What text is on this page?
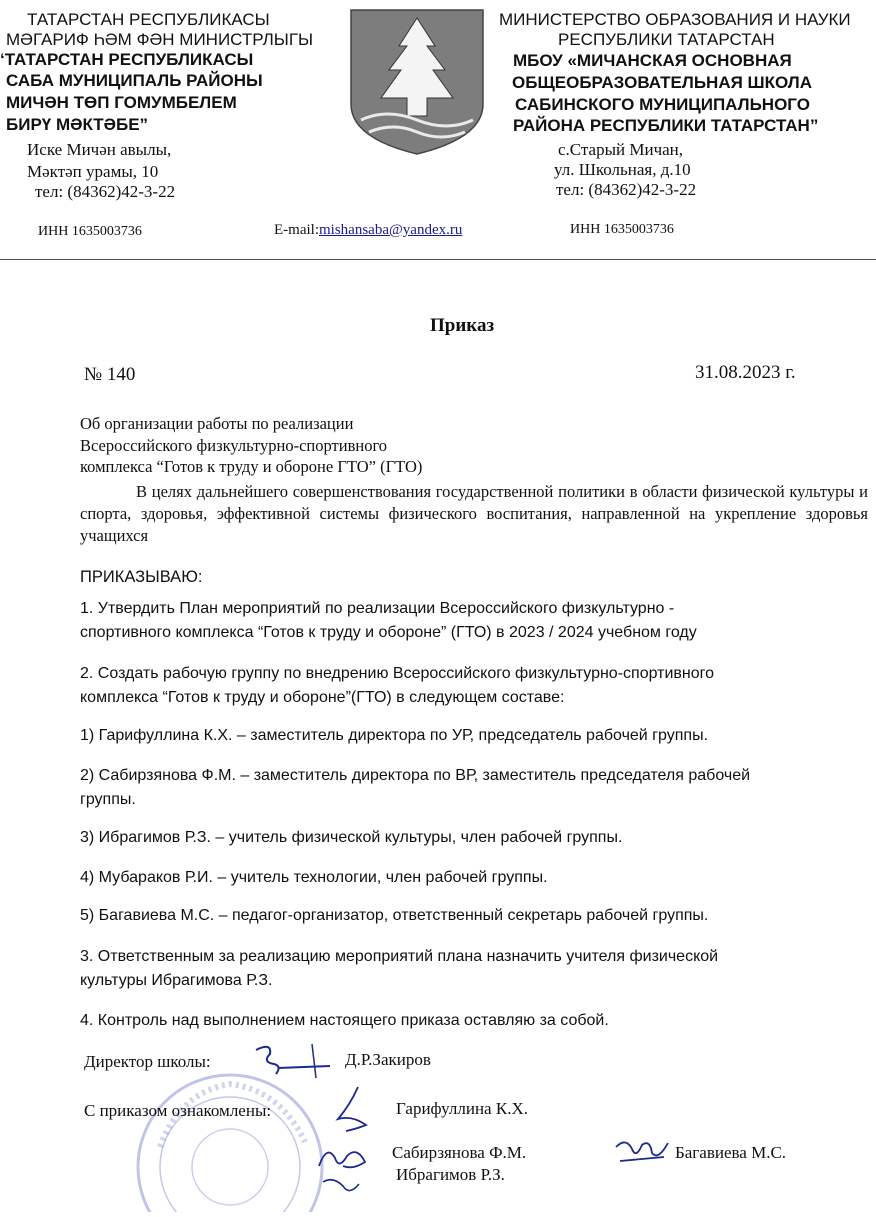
ТАТАРСТАН РЕСПУБЛИКАСЫ
МӘГАРИФ ҺӘМ ФӘН МИНИСТРЛЫГЫ
‘ТАТАРСТАН РЕСПУБЛИКАСЫ
САБА МУНИЦИПАЛЬ РАЙОНЫ
МИЧӘН ТӨП ГОМУМБЕЛЕМ
БИРҮ МӘКТӘБЕ”
Иске Мичән авылы,
Мәктәп урамы, 10
тел: (84362)42-3-22
ИНН 1635003736
МИНИСТЕРСТВО ОБРАЗОВАНИЯ И НАУКИ
РЕСПУБЛИКИ ТАТАРСТАН
МБОУ «МИЧАНСКАЯ ОСНОВНАЯ
ОБЩЕОБРАЗОВАТЕЛЬНАЯ ШКОЛА
САБИНСКОГО МУНИЦИПАЛЬНОГО
РАЙОНА РЕСПУБЛИКИ ТАТАРСТАН”
с.Старый Мичан,
ул. Школьная, д.10
тел: (84362)42-3-22
ИНН 1635003736
E-mail:mishansaba@yandex.ru
Приказ
№ 140	31.08.2023 г.
Об организации работы по реализации
Всероссийского физкультурно-спортивного
комплекса “Готов к труду и обороне ГТО” (ГТО)
В целях дальнейшего совершенствования государственной политики в области физической культуры и спорта, здоровья, эффективной системы физического воспитания, направленной на укрепление здоровья учащихся
ПРИКАЗЫВАЮ:
1. Утвердить План мероприятий по реализации Всероссийского физкультурно -
спортивного комплекса “Готов к труду и обороне” (ГТО) в 2023 / 2024 учебном году
2. Создать рабочую группу по внедрению Всероссийского физкультурно-спортивного
комплекса “Готов к труду и обороне”(ГТО) в следующем составе:
1) Гарифуллина К.Х. – заместитель директора по УР, председатель рабочей группы.
2) Сабирзянова Ф.М. – заместитель директора по ВР, заместитель председателя рабочей
группы.
3) Ибрагимов Р.З. – учитель физической культуры, член рабочей группы.
4) Мубараков Р.И. – учитель технологии, член рабочей группы.
5) Багавиева М.С. – педагог-организатор, ответственный секретарь рабочей группы.
3. Ответственным за реализацию мероприятий плана назначить учителя физической
культуры Ибрагимова Р.З.
4. Контроль над выполнением настоящего приказа оставляю за собой.
Директор школы:	Д.Р.Закиров
С приказом ознакомлены:	Гарифуллина К.Х.
Сабирзянова Ф.М.	Багавиева М.С.
Ибрагимов Р.З.
